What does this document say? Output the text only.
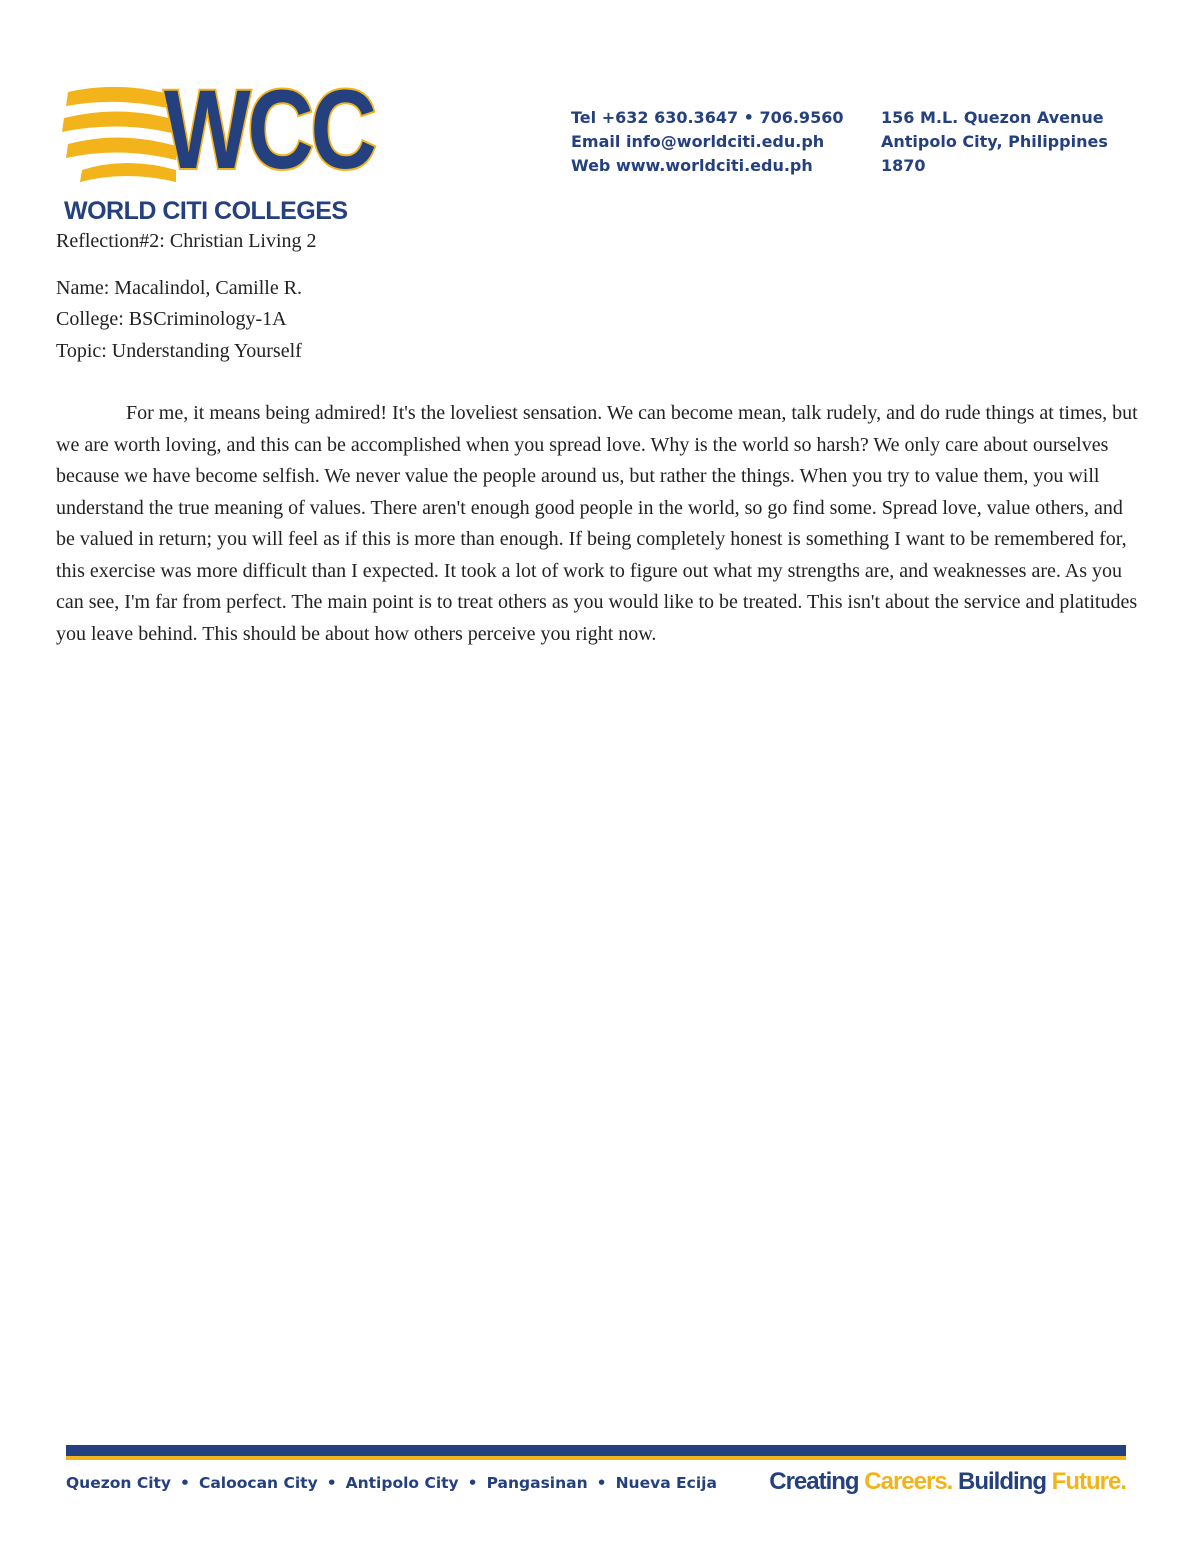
WCC
WORLD CITI COLLEGES
Tel +632 630.3647 • 706.9560
Email info@worldciti.edu.ph
Web www.worldciti.edu.ph
156 M.L. Quezon Avenue
Antipolo City, Philippines
1870

Reflection#2: Christian Living 2

Name: Macalindol, Camille R.

College: BSCriminology-1A

Topic: Understanding Yourself

For me, it means being admired! It's the loveliest sensation. We can become mean, talk rudely, and do rude things at times, but we are worth loving, and this can be accomplished when you spread love. Why is the world so harsh? We only care about ourselves because we have become selfish. We never value the people around us, but rather the things. When you try to value them, you will understand the true meaning of values. There aren't enough good people in the world, so go find some. Spread love, value others, and be valued in return; you will feel as if this is more than enough. If being completely honest is something I want to be remembered for, this exercise was more difficult than I expected. It took a lot of work to figure out what my strengths are, and weaknesses are. As you can see, I'm far from perfect. The main point is to treat others as you would like to be treated. This isn't about the service and platitudes you leave behind. This should be about how others perceive you right now.

Quezon City • Caloocan City • Antipolo City • Pangasinan • Nueva Ecija Creating Careers. Building Future.
